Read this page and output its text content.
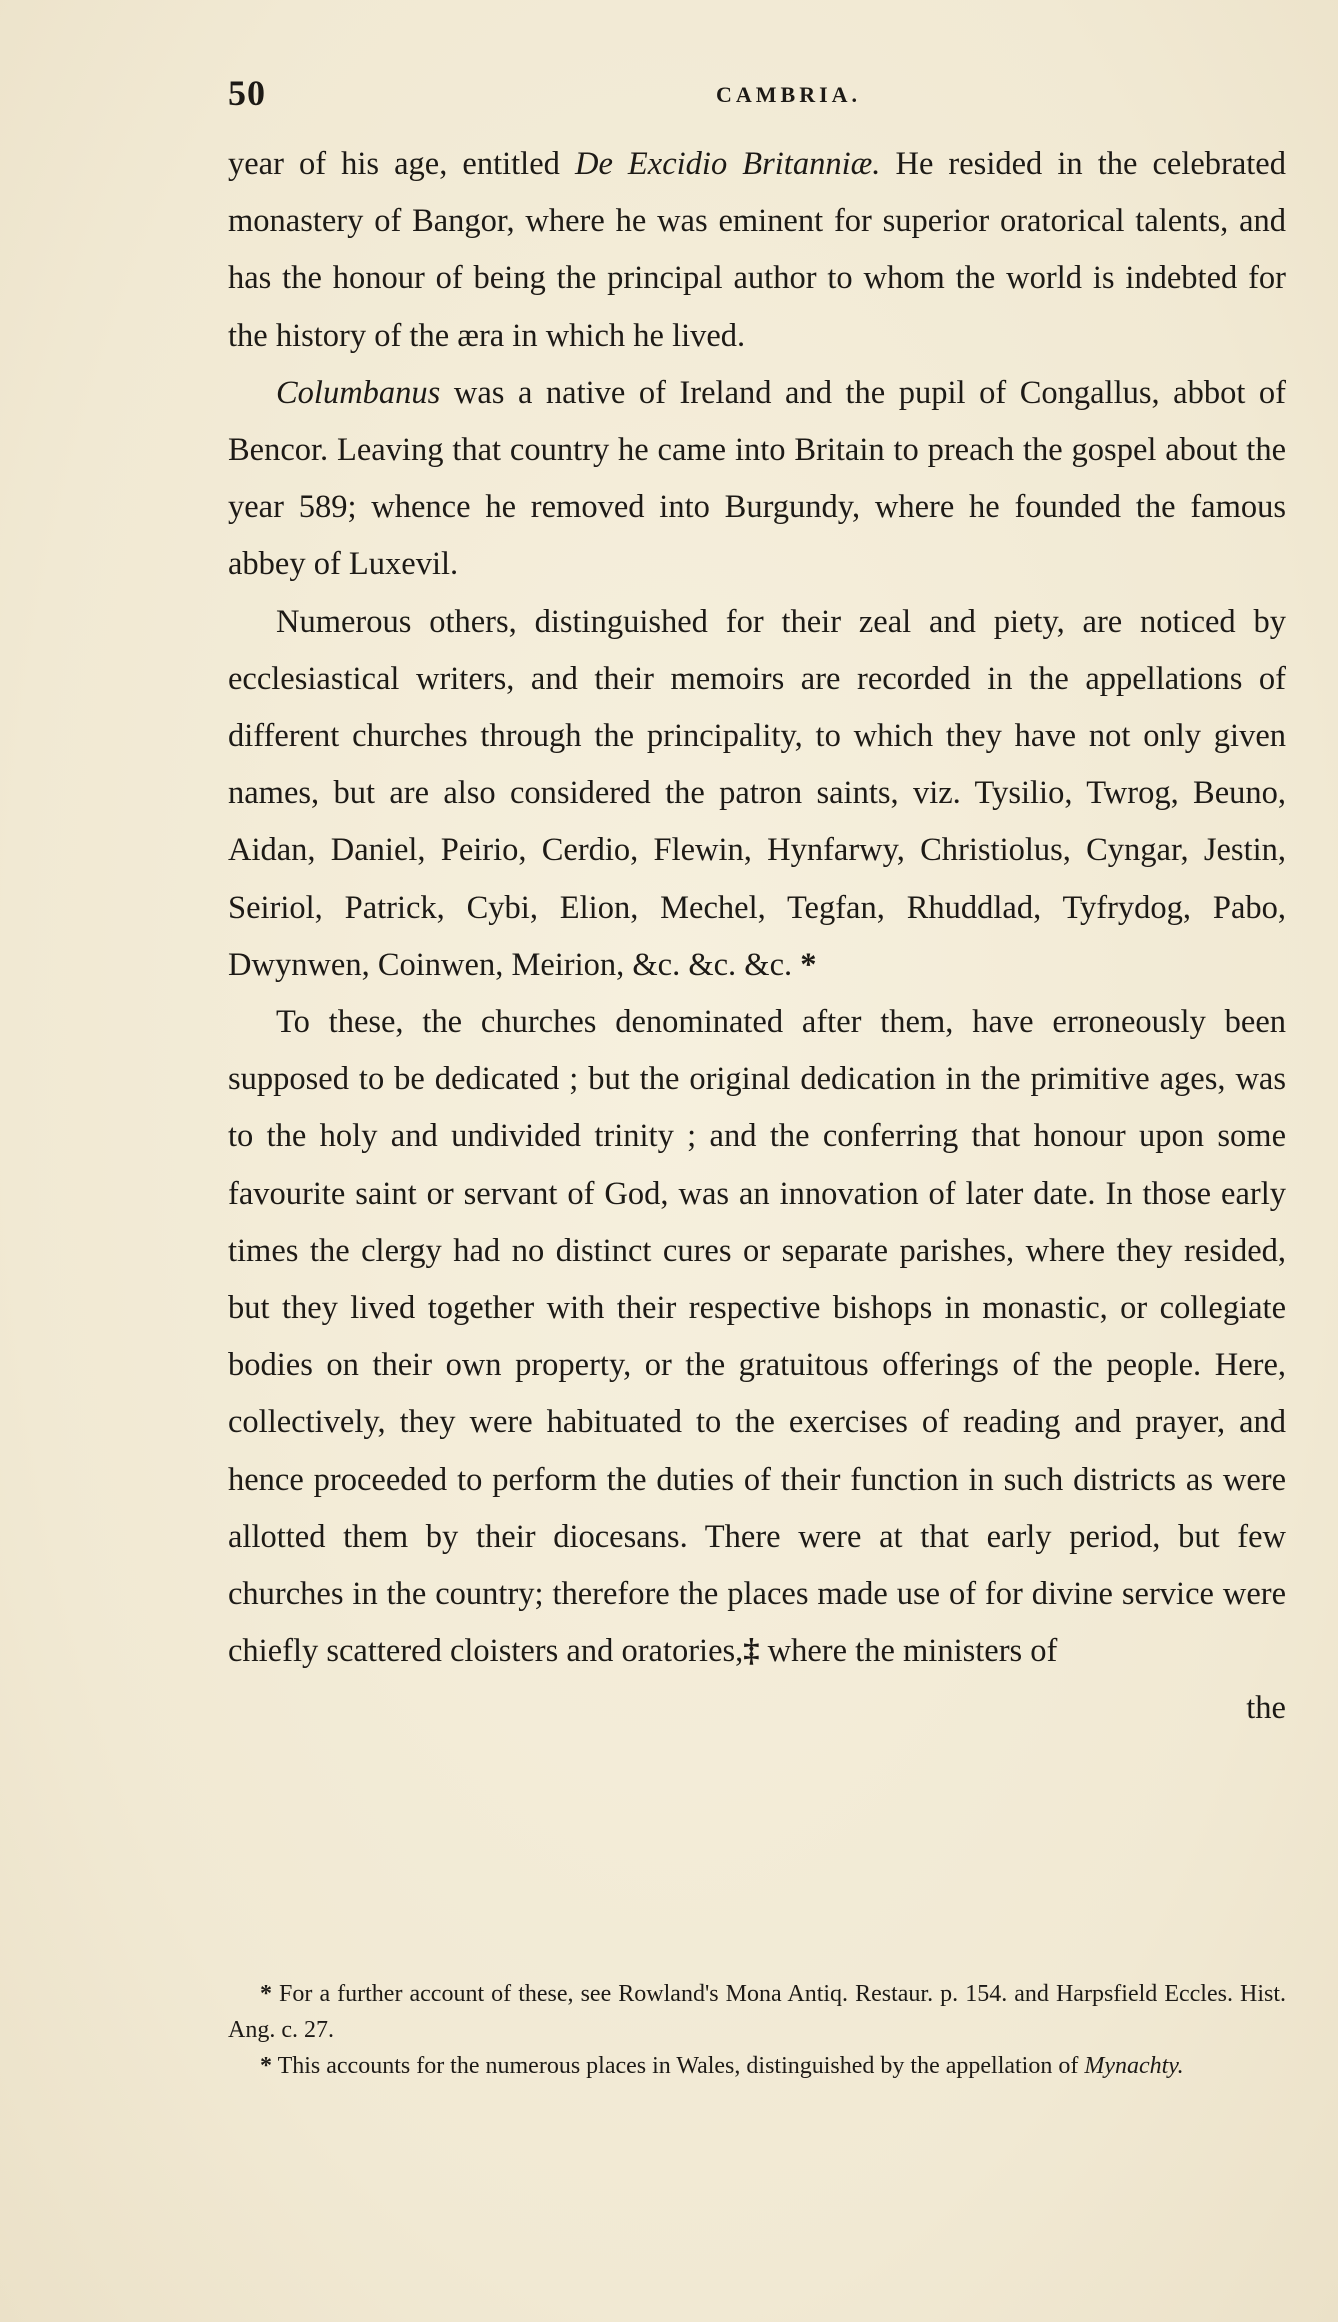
50	CAMBRIA.

year of his age, entitled De Excidio Britanniæ. He resided in the celebrated monastery of Bangor, where he was eminent for superior oratorical talents, and has the honour of being the principal author to whom the world is indebted for the history of the æra in which he lived.

Columbanus was a native of Ireland and the pupil of Congallus, abbot of Bencor. Leaving that country he came into Britain to preach the gospel about the year 589; whence he removed into Burgundy, where he founded the famous abbey of Luxevil.

Numerous others, distinguished for their zeal and piety, are noticed by ecclesiastical writers, and their memoirs are recorded in the appellations of different churches through the principality, to which they have not only given names, but are also considered the patron saints, viz. Tysilio, Twrog, Beuno, Aidan, Daniel, Peirio, Cerdio, Flewin, Hynfarwy, Christiolus, Cyngar, Jestin, Seiriol, Patrick, Cybi, Elion, Mechel, Tegfan, Rhuddlad, Tyfrydog, Pabo, Dwynwen, Coinwen, Meirion, &c. &c. &c. *

To these, the churches denominated after them, have erroneously been supposed to be dedicated ; but the original dedication in the primitive ages, was to the holy and undivided trinity ; and the conferring that honour upon some favourite saint or servant of God, was an innovation of later date. In those early times the clergy had no distinct cures or separate parishes, where they resided, but they lived together with their respective bishops in monastic, or collegiate bodies on their own property, or the gratuitous offerings of the people. Here, collectively, they were habituated to the exercises of reading and prayer, and hence proceeded to perform the duties of their function in such districts as were allotted them by their diocesans. There were at that early period, but few churches in the country; therefore the places made use of for divine service were chiefly scattered cloisters and oratories,‡ where the ministers of

the

* For a further account of these, see Rowland's Mona Antiq. Restaur. p. 154. and Harpsfield Eccles. Hist. Ang. c. 27.

* This accounts for the numerous places in Wales, distinguished by the appellation of Mynachty.
